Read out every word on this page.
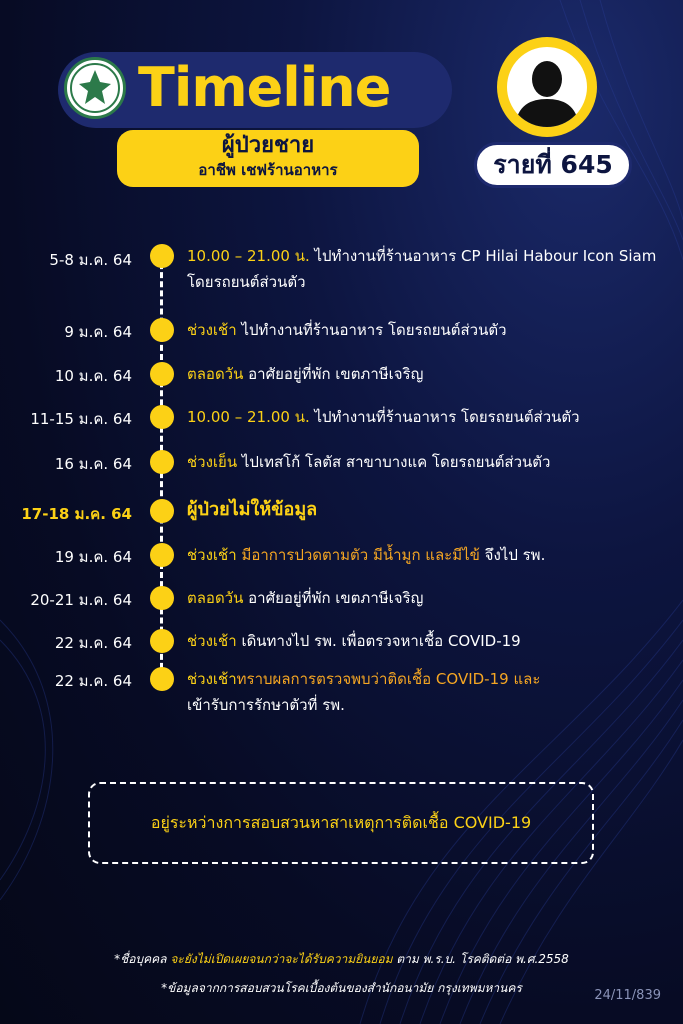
Timeline
ผู้ป่วยชาย
อาชีพ เชฟร้านอาหาร	รายที่ 645
5-8 ม.ค. 64	10.00 – 21.00 น. ไปทำงานที่ร้านอาหาร CP Hilai Habour Icon Siam โดยรถยนต์ส่วนตัว
9 ม.ค. 64	ช่วงเช้า ไปทำงานที่ร้านอาหาร โดยรถยนต์ส่วนตัว
10 ม.ค. 64	ตลอดวัน อาศัยอยู่ที่พัก เขตภาษีเจริญ
11-15 ม.ค. 64	10.00 – 21.00 น. ไปทำงานที่ร้านอาหาร โดยรถยนต์ส่วนตัว
16 ม.ค. 64	ช่วงเย็น ไปเทสโก้ โลตัส สาขาบางแค โดยรถยนต์ส่วนตัว
17-18 ม.ค. 64	ผู้ป่วยไม่ให้ข้อมูล
19 ม.ค. 64	ช่วงเช้า มีอาการปวดตามตัว มีน้ำมูก และมีไข้ จึงไป รพ.
20-21 ม.ค. 64	ตลอดวัน อาศัยอยู่ที่พัก เขตภาษีเจริญ
22 ม.ค. 64	ช่วงเช้า เดินทางไป รพ. เพื่อตรวจหาเชื้อ COVID-19
22 ม.ค. 64	ช่วงเช้าทราบผลการตรวจพบว่าติดเชื้อ COVID-19 และ
เข้ารับการรักษาตัวที่ รพ.
อยู่ระหว่างการสอบสวนหาสาเหตุการติดเชื้อ COVID-19
*ชื่อบุคคล จะยังไม่เปิดเผยจนกว่าจะได้รับความยินยอม ตาม พ.ร.บ. โรคติดต่อ พ.ศ.2558
*ข้อมูลจากการสอบสวนโรคเบื้องต้นของสำนักอนามัย กรุงเทพมหานคร	24/11/839
